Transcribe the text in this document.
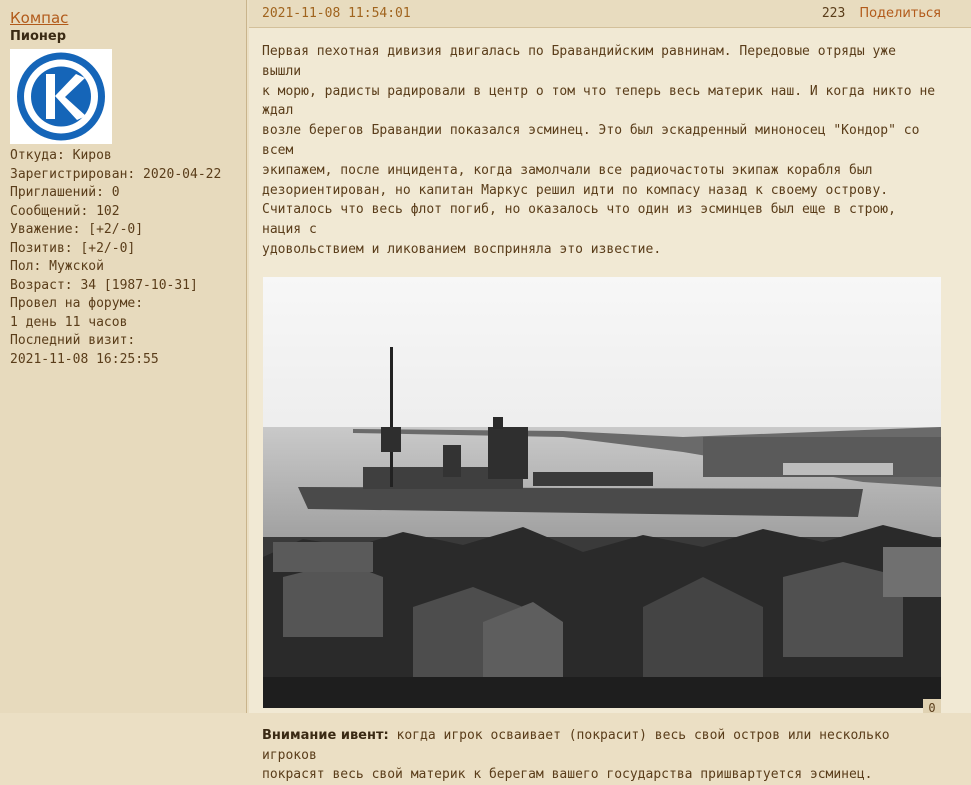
Компас
Пионер
Откуда: Киров
Зарегистрирован: 2020-04-22
Приглашений: 0
Сообщений: 102
Уважение: [+2/-0]
Позитив: [+2/-0]
Пол: Мужской
Возраст: 34 [1987-10-31]
Провел на форуме:
1 день 11 часов
Последний визит:
2021-11-08 16:25:55
2021-11-08 11:54:01	223 Поделиться
Первая пехотная дивизия двигалась по Бравандийским равнинам. Передовые отряды уже вышли
к морю, радисты радировали в центр о том что теперь весь материк наш. И когда никто не ждал
возле берегов Бравандии показался эсминец. Это был эскадренный миноносец "Кондор" со всем
экипажем, после инцидента, когда замолчали все радиочастоты экипаж корабля был
дезориентирован, но капитан Маркус решил идти по компасу назад к своему острову.
Считалось что весь флот погиб, но оказалось что один из эсминцев был еще в строю, нация с
удовольствием и ликованием восприняла это известие.
Внимание ивент: когда игрок осваивает (покрасит) весь свой остров или несколько игроков
покрасят весь свой материк к берегам вашего государства пришвартуется эсминец.
0
